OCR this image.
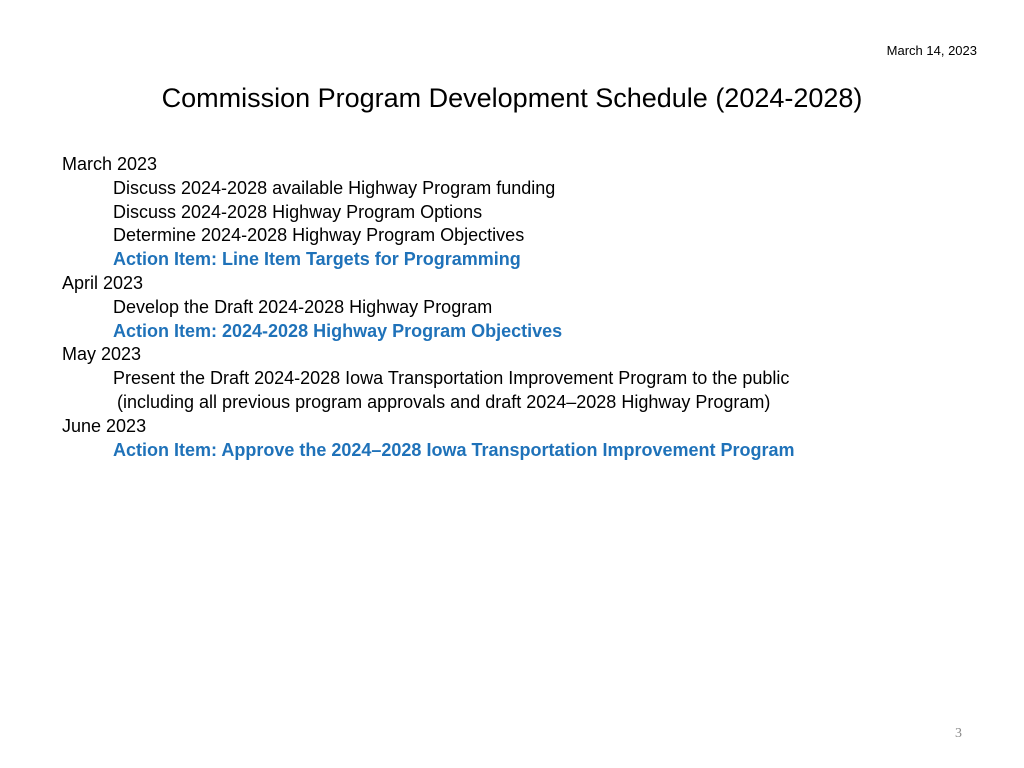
March 14, 2023
Commission Program Development Schedule (2024-2028)
March 2023
Discuss 2024-2028 available Highway Program funding
Discuss 2024-2028 Highway Program Options
Determine 2024-2028 Highway Program Objectives
Action Item: Line Item Targets for Programming
April 2023
Develop the Draft 2024-2028 Highway Program
Action Item: 2024-2028 Highway Program Objectives
May 2023
Present the Draft 2024-2028 Iowa Transportation Improvement Program to the public
(including all previous program approvals and draft 2024–2028 Highway Program)
June 2023
Action Item: Approve the 2024–2028 Iowa Transportation Improvement Program
3
